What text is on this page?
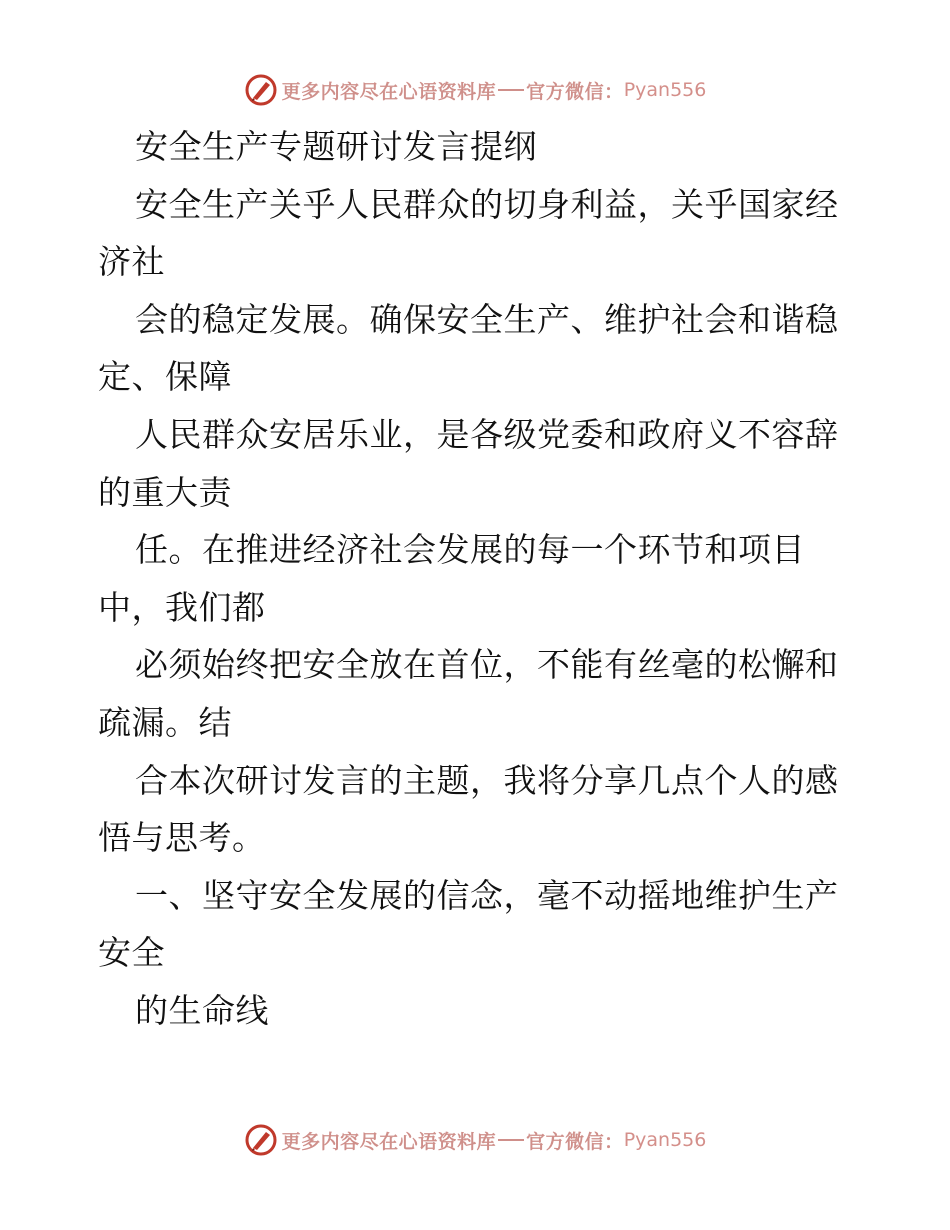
更多内容尽在心语资料库 官方微信： Pyan556
安全生产专题研讨发言提纲
安全生产关乎人民群众的切身利益，关乎国家经
济社
会的稳定发展。确保安全生产、维护社会和谐稳
定、保障
人民群众安居乐业，是各级党委和政府义不容辞
的重大责
任。在推进经济社会发展的每一个环节和项目
中，我们都
必须始终把安全放在首位，不能有丝毫的松懈和
疏漏。结
合本次研讨发言的主题，我将分享几点个人的感
悟与思考。
一、坚守安全发展的信念，毫不动摇地维护生产
安全
的生命线
更多内容尽在心语资料库 官方微信： Pyan556
